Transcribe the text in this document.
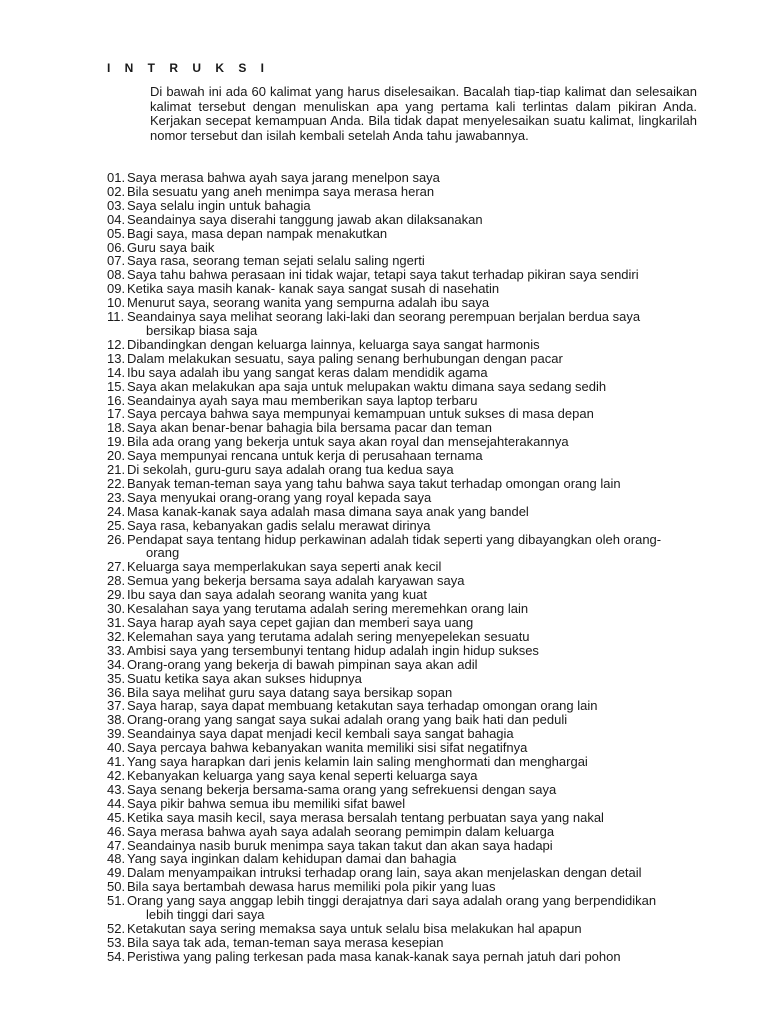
I N T R U K S I

Di bawah ini ada 60 kalimat yang harus diselesaikan. Bacalah tiap-tiap kalimat dan selesaikan kalimat tersebut dengan menuliskan apa yang pertama kali terlintas dalam pikiran Anda. Kerjakan secepat kemampuan Anda. Bila tidak dapat menyelesaikan suatu kalimat, lingkarilah nomor tersebut dan isilah kembali setelah Anda tahu jawabannya.

01. Saya merasa bahwa ayah saya jarang menelpon saya
02. Bila sesuatu yang aneh menimpa saya merasa heran
03. Saya selalu ingin untuk bahagia
04. Seandainya saya diserahi tanggung jawab akan dilaksanakan
05. Bagi saya, masa depan nampak menakutkan
06. Guru saya baik
07. Saya rasa, seorang teman sejati selalu saling ngerti
08. Saya tahu bahwa perasaan ini tidak wajar, tetapi saya takut terhadap pikiran saya sendiri
09. Ketika saya masih kanak- kanak saya sangat susah di nasehatin
10. Menurut saya, seorang wanita yang sempurna adalah ibu saya
11. Seandainya saya melihat seorang laki-laki dan seorang perempuan berjalan berdua saya
bersikap biasa saja
12. Dibandingkan dengan keluarga lainnya, keluarga saya sangat harmonis
13. Dalam melakukan sesuatu, saya paling senang berhubungan dengan pacar
14. Ibu saya adalah ibu yang sangat keras dalam mendidik agama
15. Saya akan melakukan apa saja untuk melupakan waktu dimana saya sedang sedih
16. Seandainya ayah saya mau memberikan saya laptop terbaru
17. Saya percaya bahwa saya mempunyai kemampuan untuk sukses di masa depan
18. Saya akan benar-benar bahagia bila bersama pacar dan teman
19. Bila ada orang yang bekerja untuk saya akan royal dan mensejahterakannya
20. Saya mempunyai rencana untuk kerja di perusahaan ternama
21. Di sekolah, guru-guru saya adalah orang tua kedua saya
22. Banyak teman-teman saya yang tahu bahwa saya takut terhadap omongan orang lain
23. Saya menyukai orang-orang yang royal kepada saya
24. Masa kanak-kanak saya adalah masa dimana saya anak yang bandel
25. Saya rasa, kebanyakan gadis selalu merawat dirinya
26. Pendapat saya tentang hidup perkawinan adalah tidak seperti yang dibayangkan oleh orang-
orang
27. Keluarga saya memperlakukan saya seperti anak kecil
28. Semua yang bekerja bersama saya adalah karyawan saya
29. Ibu saya dan saya adalah seorang wanita yang kuat
30. Kesalahan saya yang terutama adalah sering meremehkan orang lain
31. Saya harap ayah saya cepet gajian dan memberi saya uang
32. Kelemahan saya yang terutama adalah sering menyepelekan sesuatu
33. Ambisi saya yang tersembunyi tentang hidup adalah ingin hidup sukses
34. Orang-orang yang bekerja di bawah pimpinan saya akan adil
35. Suatu ketika saya akan sukses hidupnya
36. Bila saya melihat guru saya datang saya bersikap sopan
37. Saya harap, saya dapat membuang ketakutan saya terhadap omongan orang lain
38. Orang-orang yang sangat saya sukai adalah orang yang baik hati dan peduli
39. Seandainya saya dapat menjadi kecil kembali saya sangat bahagia
40. Saya percaya bahwa kebanyakan wanita memiliki sisi sifat negatifnya
41. Yang saya harapkan dari jenis kelamin lain saling menghormati dan menghargai
42. Kebanyakan keluarga yang saya kenal seperti keluarga saya
43. Saya senang bekerja bersama-sama orang yang sefrekuensi dengan saya
44. Saya pikir bahwa semua ibu memiliki sifat bawel
45. Ketika saya masih kecil, saya merasa bersalah tentang perbuatan saya yang nakal
46. Saya merasa bahwa ayah saya adalah seorang pemimpin dalam keluarga
47. Seandainya nasib buruk menimpa saya takan takut dan akan saya hadapi
48. Yang saya inginkan dalam kehidupan damai dan bahagia
49. Dalam menyampaikan intruksi terhadap orang lain, saya akan menjelaskan dengan detail
50. Bila saya bertambah dewasa harus memiliki pola pikir yang luas
51. Orang yang saya anggap lebih tinggi derajatnya dari saya adalah orang yang berpendidikan
lebih tinggi dari saya
52. Ketakutan saya sering memaksa saya untuk selalu bisa melakukan hal apapun
53. Bila saya tak ada, teman-teman saya merasa kesepian
54. Peristiwa yang paling terkesan pada masa kanak-kanak saya pernah jatuh dari pohon
